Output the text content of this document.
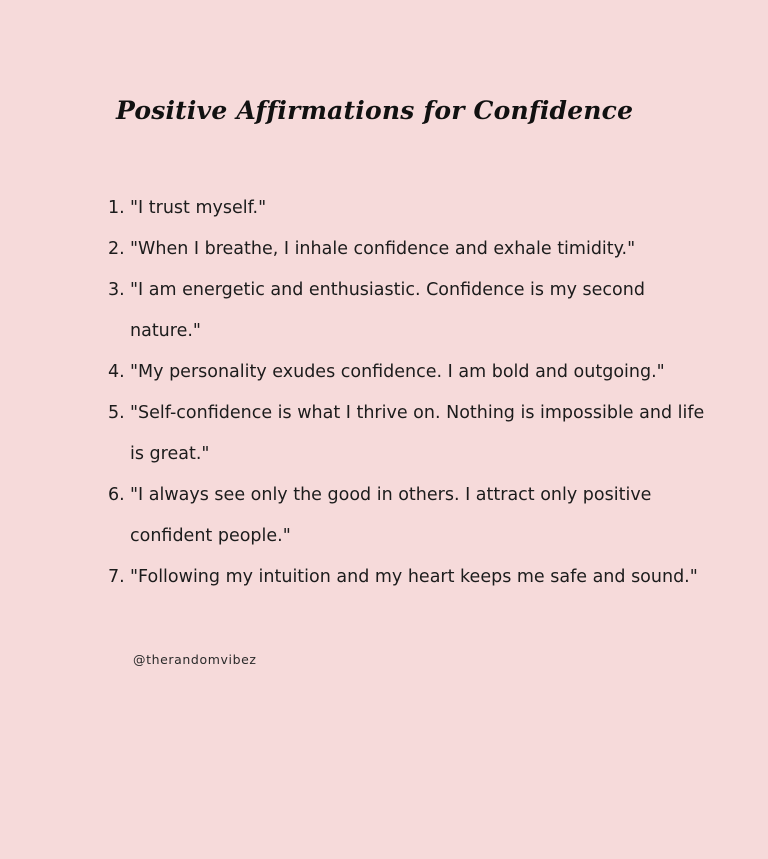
Positive Affirmations for Confidence
1. "I trust myself."
2. "When I breathe, I inhale confidence and exhale timidity."
3. "I am energetic and enthusiastic. Confidence is my second nature."
4. "My personality exudes confidence. I am bold and outgoing."
5. "Self-confidence is what I thrive on. Nothing is impossible and life is great."
6. "I always see only the good in others. I attract only positive confident people."
7. "Following my intuition and my heart keeps me safe and sound."

@therandomvibez
